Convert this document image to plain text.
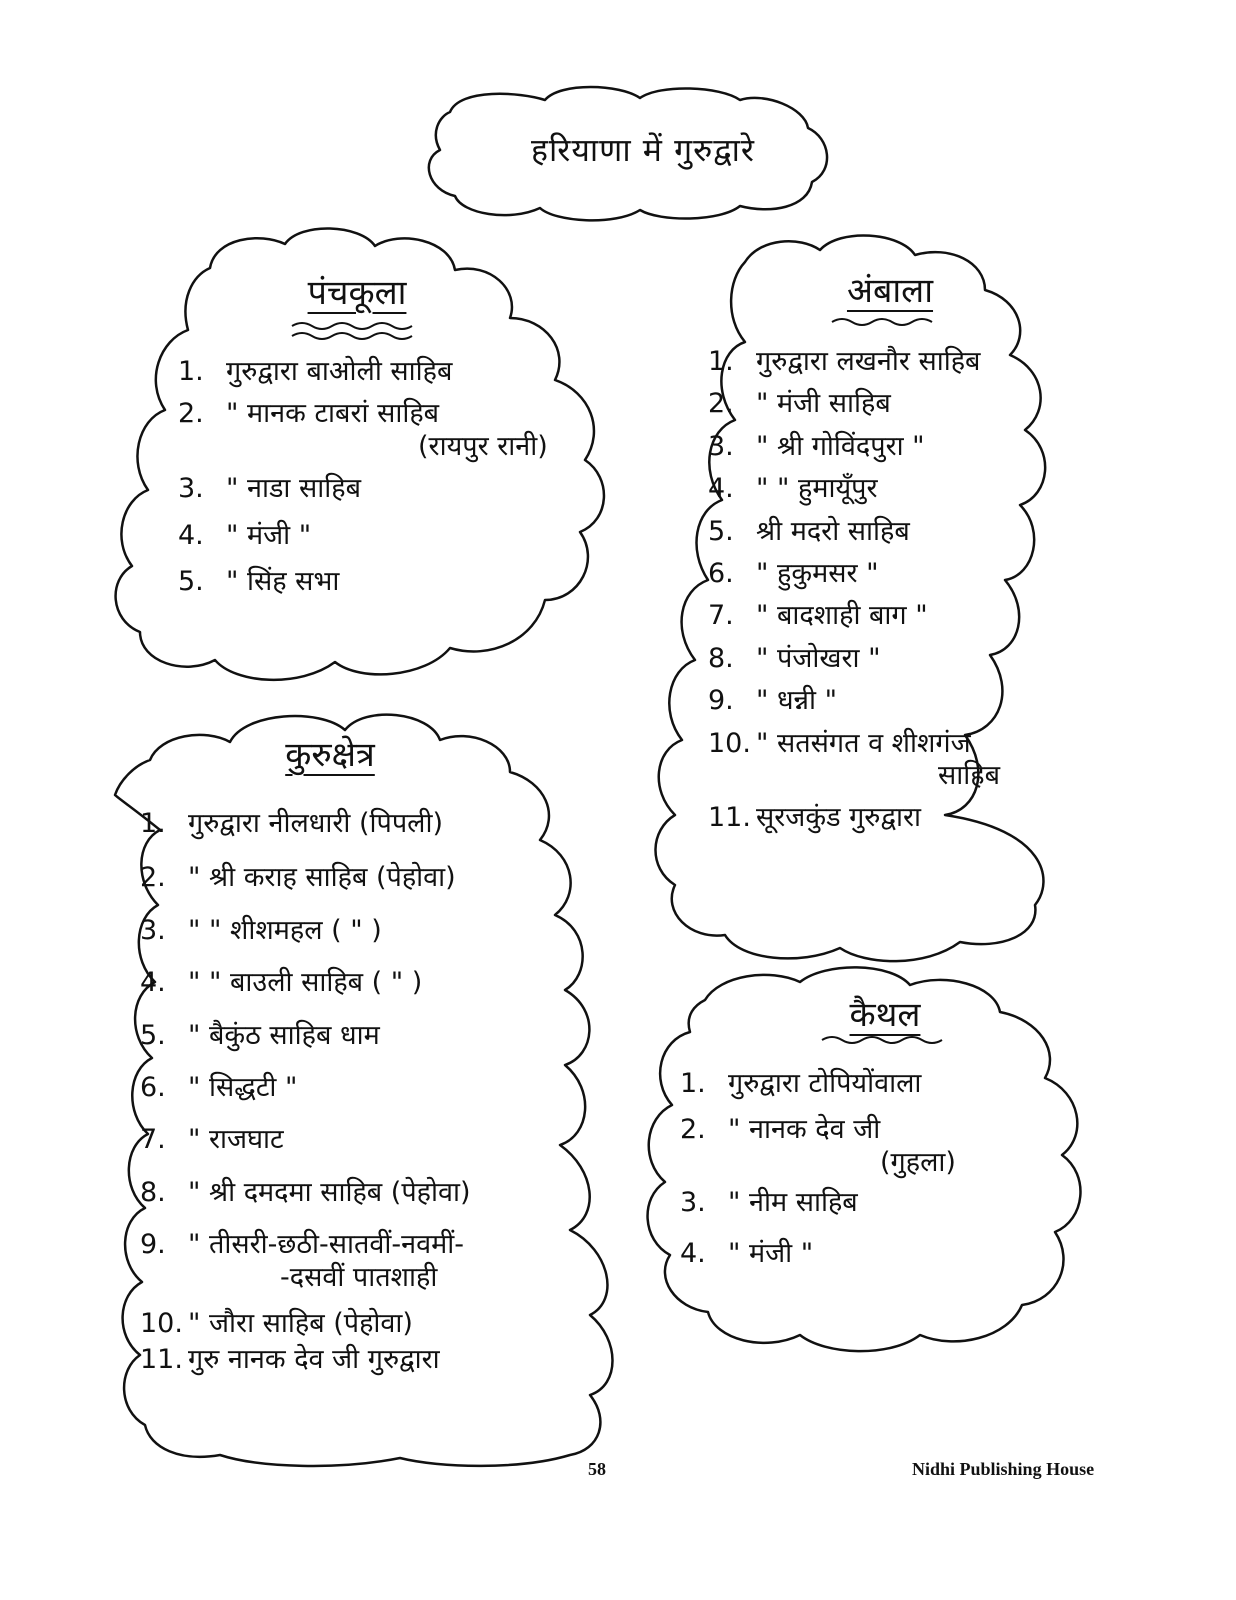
हरियाणा में गुरुद्वारे
पंचकूला
1. गुरुद्वारा बाओली साहिब
2. " मानक टाबरां साहिब
(रायपुर रानी)
3. " नाडा साहिब
4. " मंजी "
5. " सिंह सभा
अंबाला
1. गुरुद्वारा लखनौर साहिब
2. " मंजी साहिब
3. " श्री गोविंदपुरा "
4. " " हुमायूँपुर
5. श्री मदरो साहिब
6. " हुकुमसर "
7. " बादशाही बाग "
8. " पंजोखरा "
9. " धन्नी "
10. " सतसंगत व शीशगंज
साहिब
11. सूरजकुंड गुरुद्वारा
कुरुक्षेत्र
1. गुरुद्वारा नीलधारी (पिपली)
2. " श्री कराह साहिब (पेहोवा)
3. " " शीशमहल ( " )
4. " " बाउली साहिब ( " )
5. " बैकुंठ साहिब धाम
6. " सिद्धटी "
7. " राजघाट
8. " श्री दमदमा साहिब (पेहोवा)
9. " तीसरी-छठी-सातवीं-नवमीं-
-दसवीं पातशाही
10. " जौरा साहिब (पेहोवा)
11. गुरु नानक देव जी गुरुद्वारा
कैथल
1. गुरुद्वारा टोपियोंवाला
2. " नानक देव जी
(गुहला)
3. " नीम साहिब
4. " मंजी "
58	Nidhi Publishing House
